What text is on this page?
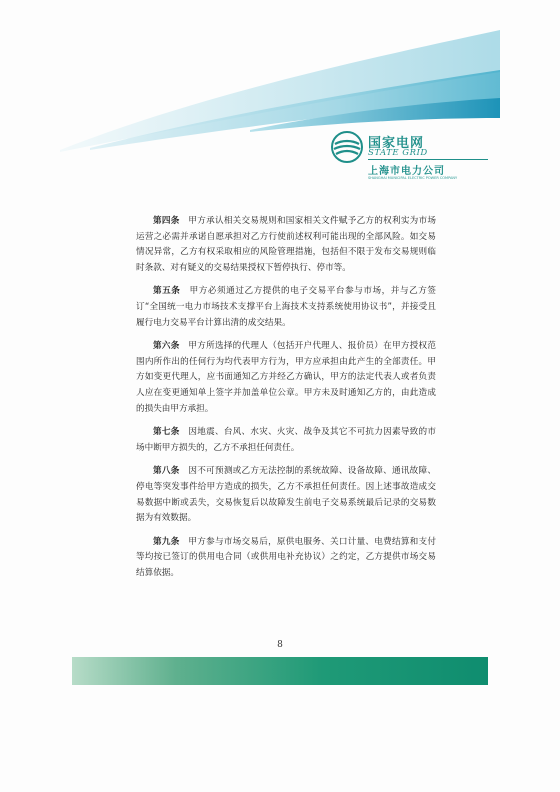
国家电网
STATE GRID
上海市电力公司
SHANGHAI MUNICIPAL ELECTRIC POWER COMPANY

第四条  甲方承认相关交易规则和国家相关文件赋予乙方的权利实为市场运营之必需并承诺自愿承担对乙方行使前述权利可能出现的全部风险。如交易情况异常，乙方有权采取相应的风险管理措施，包括但不限于发布交易规则临时条款、对有疑义的交易结果授权下暂停执行、停市等。

第五条  甲方必须通过乙方提供的电子交易平台参与市场，并与乙方签订“全国统一电力市场技术支撑平台上海技术支持系统使用协议书”，并接受且履行电力交易平台计算出清的成交结果。

第六条  甲方所选择的代理人（包括开户代理人、报价员）在甲方授权范围内所作出的任何行为均代表甲方行为，甲方应承担由此产生的全部责任。甲方如变更代理人，应书面通知乙方并经乙方确认，甲方的法定代表人或者负责人应在变更通知单上签字并加盖单位公章。甲方未及时通知乙方的，由此造成的损失由甲方承担。

第七条  因地震、台风、水灾、火灾、战争及其它不可抗力因素导致的市场中断甲方损失的，乙方不承担任何责任。

第八条  因不可预测或乙方无法控制的系统故障、设备故障、通讯故障、停电等突发事件给甲方造成的损失，乙方不承担任何责任。因上述事故造成交易数据中断或丢失，交易恢复后以故障发生前电子交易系统最后记录的交易数据为有效数据。

第九条  甲方参与市场交易后，原供电服务、关口计量、电费结算和支付等均按已签订的供用电合同（或供用电补充协议）之约定，乙方提供市场交易结算依据。

8
